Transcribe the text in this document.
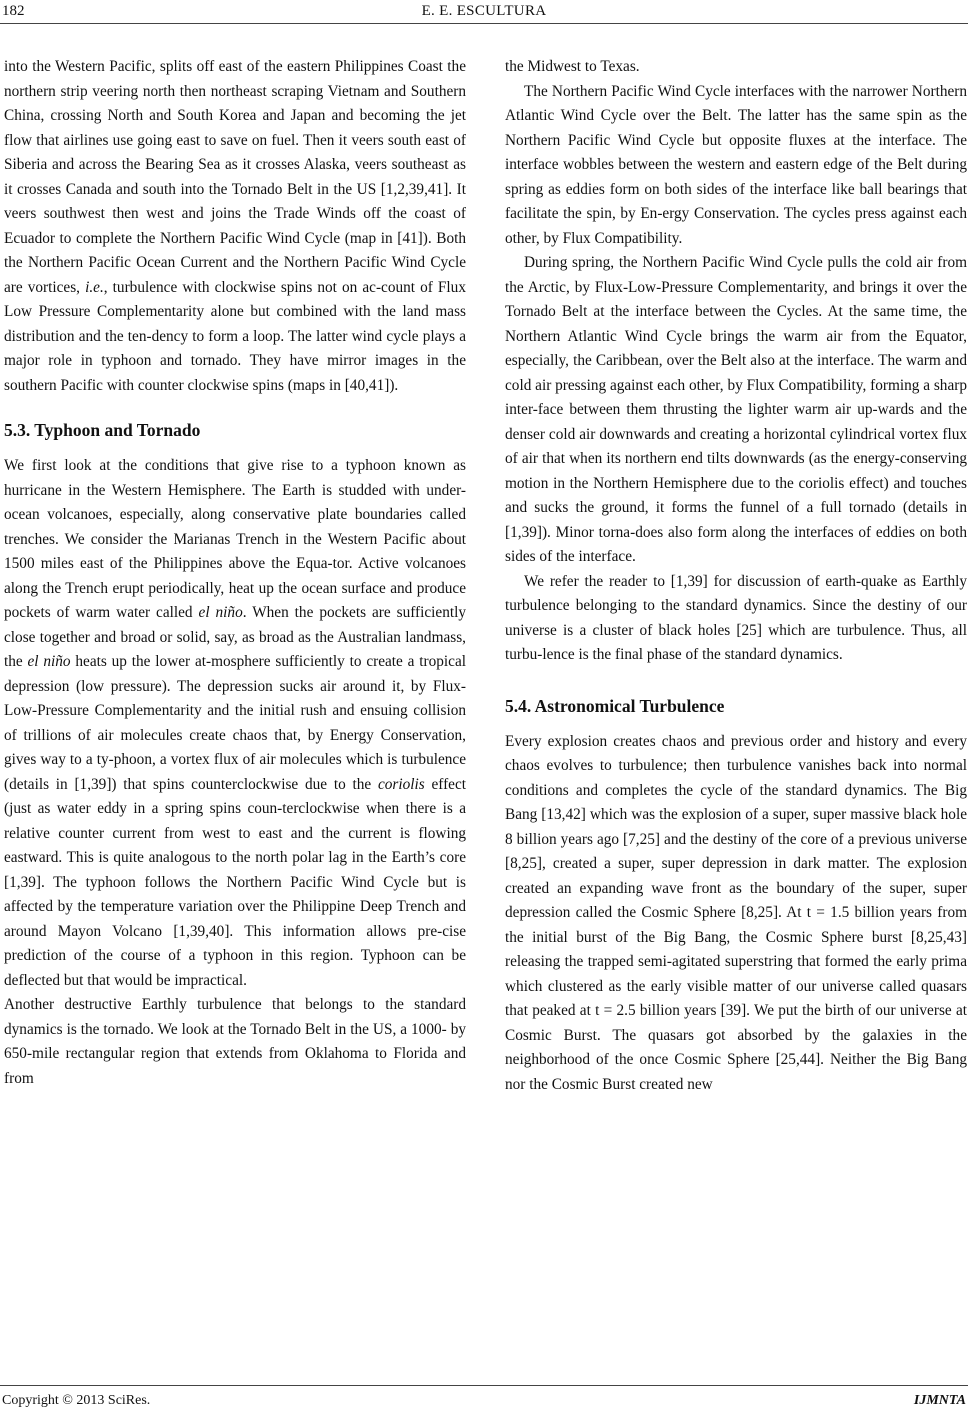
182	E. E. ESCULTURA

into the Western Pacific, splits off east of the eastern Philippines Coast the northern strip veering north then northeast scraping Vietnam and Southern China, crossing North and South Korea and Japan and becoming the jet flow that airlines use going east to save on fuel. Then it veers south east of Siberia and across the Bearing Sea as it crosses Alaska, veers southeast as it crosses Canada and south into the Tornado Belt in the US [1,2,39,41]. It veers southwest then west and joins the Trade Winds off the coast of Ecuador to complete the Northern Pacific Wind Cycle (map in [41]). Both the Northern Pacific Ocean Current and the Northern Pacific Wind Cycle are vortices, i.e., turbulence with clockwise spins not on ac-count of Flux Low Pressure Complementarity alone but combined with the land mass distribution and the ten-dency to form a loop. The latter wind cycle plays a major role in typhoon and tornado. They have mirror images in the southern Pacific with counter clockwise spins (maps in [40,41]).

5.3. Typhoon and Tornado

We first look at the conditions that give rise to a typhoon known as hurricane in the Western Hemisphere. The Earth is studded with under-ocean volcanoes, especially, along conservative plate boundaries called trenches. We consider the Marianas Trench in the Western Pacific about 1500 miles east of the Philippines above the Equa-tor. Active volcanoes along the Trench erupt periodically, heat up the ocean surface and produce pockets of warm water called el niño. When the pockets are sufficiently close together and broad or solid, say, as broad as the Australian landmass, the el niño heats up the lower at-mosphere sufficiently to create a tropical depression (low pressure). The depression sucks air around it, by Flux-Low-Pressure Complementarity and the initial rush and ensuing collision of trillions of air molecules create chaos that, by Energy Conservation, gives way to a ty-phoon, a vortex flux of air molecules which is turbulence (details in [1,39]) that spins counterclockwise due to the coriolis effect (just as water eddy in a spring spins coun-terclockwise when there is a relative counter current from west to east and the current is flowing eastward. This is quite analogous to the north polar lag in the Earth’s core [1,39]. The typhoon follows the Northern Pacific Wind Cycle but is affected by the temperature variation over the Philippine Deep Trench and around Mayon Volcano [1,39,40]. This information allows pre-cise prediction of the course of a typhoon in this region. Typhoon can be deflected but that would be impractical.

Another destructive Earthly turbulence that belongs to the standard dynamics is the tornado. We look at the Tornado Belt in the US, a 1000- by 650-mile rectangular region that extends from Oklahoma to Florida and from

the Midwest to Texas.

The Northern Pacific Wind Cycle interfaces with the narrower Northern Atlantic Wind Cycle over the Belt. The latter has the same spin as the Northern Pacific Wind Cycle but opposite fluxes at the interface. The interface wobbles between the western and eastern edge of the Belt during spring as eddies form on both sides of the interface like ball bearings that facilitate the spin, by En-ergy Conservation. The cycles press against each other, by Flux Compatibility.

During spring, the Northern Pacific Wind Cycle pulls the cold air from the Arctic, by Flux-Low-Pressure Complementarity, and brings it over the Tornado Belt at the interface between the Cycles. At the same time, the Northern Atlantic Wind Cycle brings the warm air from the Equator, especially, the Caribbean, over the Belt also at the interface. The warm and cold air pressing against each other, by Flux Compatibility, forming a sharp inter-face between them thrusting the lighter warm air up-wards and the denser cold air downwards and creating a horizontal cylindrical vortex flux of air that when its northern end tilts downwards (as the energy-conserving motion in the Northern Hemisphere due to the coriolis effect) and touches and sucks the ground, it forms the funnel of a full tornado (details in [1,39]). Minor torna-does also form along the interfaces of eddies on both sides of the interface.

We refer the reader to [1,39] for discussion of earth-quake as Earthly turbulence belonging to the standard dynamics. Since the destiny of our universe is a cluster of black holes [25] which are turbulence. Thus, all turbu-lence is the final phase of the standard dynamics.

5.4. Astronomical Turbulence

Every explosion creates chaos and previous order and history and every chaos evolves to turbulence; then turbulence vanishes back into normal conditions and completes the cycle of the standard dynamics. The Big Bang [13,42] which was the explosion of a super, super massive black hole 8 billion years ago [7,25] and the destiny of the core of a previous universe [8,25], created a super, super depression in dark matter. The explosion created an expanding wave front as the boundary of the super, super depression called the Cosmic Sphere [8,25]. At t = 1.5 billion years from the initial burst of the Big Bang, the Cosmic Sphere burst [8,25,43] releasing the trapped semi-agitated superstring that formed the early prima which clustered as the early visible matter of our universe called quasars that peaked at t = 2.5 billion years [39]. We put the birth of our universe at Cosmic Burst. The quasars got absorbed by the galaxies in the neighborhood of the once Cosmic Sphere [25,44]. Neither the Big Bang nor the Cosmic Burst created new

Copyright © 2013 SciRes.	IJMNTA
